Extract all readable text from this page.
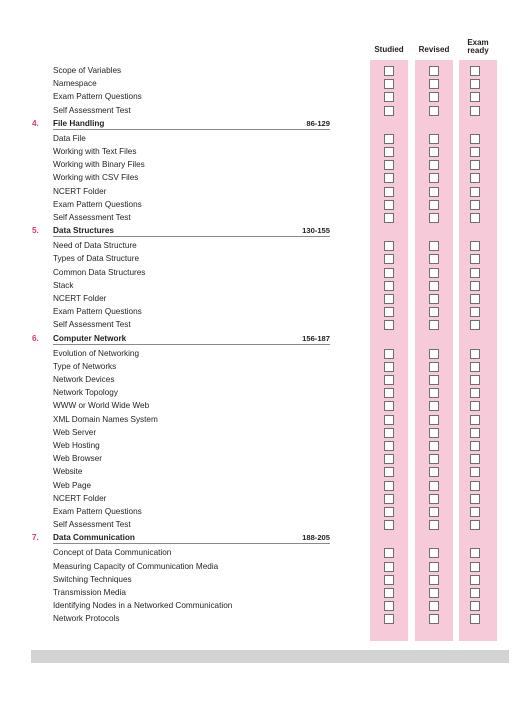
Studied	Revised
Exam
ready
Scope of Variables
Namespace
Exam Pattern Questions
Self Assessment Test
4. File Handling	86-129
Data File
Working with Text Files
Working with Binary Files
Working with CSV Files
NCERT Folder
Exam Pattern Questions
Self Assessment Test
5. Data Structures	130-155
Need of Data Structure
Types of Data Structure
Common Data Structures
Stack
NCERT Folder
Exam Pattern Questions
Self Assessment Test
6. Computer Network	156-187
Evolution of Networking
Type of Networks
Network Devices
Network Topology
WWW or World Wide Web
XML Domain Names System
Web Server
Web Hosting
Web Browser
Website
Web Page
NCERT Folder
Exam Pattern Questions
Self Assessment Test
7. Data Communication	188-205
Concept of Data Communication
Measuring Capacity of Communication Media
Switching Techniques
Transmission Media
Identifying Nodes in a Networked Communication
Network Protocols
